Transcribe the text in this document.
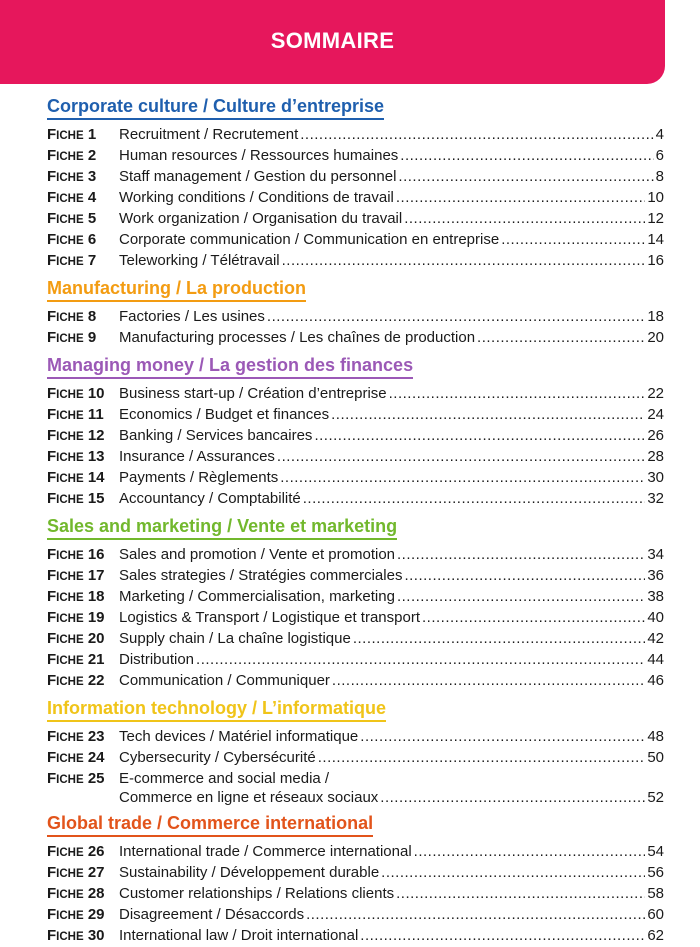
SOMMAIRE
Corporate culture / Culture d’entreprise
FICHE 1	Recruitment / Recrutement .....	4
FICHE 2	Human resources / Ressources humaines .....	6
FICHE 3	Staff management / Gestion du personnel .....	8
FICHE 4	Working conditions / Conditions de travail .....	10
FICHE 5	Work organization / Organisation du travail .....	12
FICHE 6	Corporate communication / Communication en entreprise .....	14
FICHE 7	Teleworking / Télétravail .....	16
Manufacturing / La production
FICHE 8	Factories / Les usines .....	18
FICHE 9	Manufacturing processes / Les chaînes de production .....	20
Managing money / La gestion des finances
FICHE 10 Business start-up / Création d’entreprise .....	22
FICHE 11	Economics / Budget et finances .....	24
FICHE 12 Banking / Services bancaires .....	26
FICHE 13 Insurance / Assurances .....	28
FICHE 14 Payments / Règlements .....	30
FICHE 15 Accountancy / Comptabilité .....	32
Sales and marketing / Vente et marketing
FICHE 16 Sales and promotion / Vente et promotion .....	34
FICHE 17 Sales strategies / Stratégies commerciales .....	36
FICHE 18 Marketing / Commercialisation, marketing .....	38
FICHE 19 Logistics & Transport / Logistique et transport .....	40
FICHE 20 Supply chain / La chaîne logistique .....	42
FICHE 21 Distribution .....	44
FICHE 22 Communication / Communiquer .....	46
Information technology / L’informatique
FICHE 23 Tech devices / Matériel informatique .....	48
FICHE 24 Cybersecurity / Cybersécurité .....	50
FICHE 25 E-commerce and social media /
Commerce en ligne et réseaux sociaux .....	52
Global trade / Commerce international
FICHE 26 International trade / Commerce international .....	54
FICHE 27 Sustainability / Développement durable .....	56
FICHE 28 Customer relationships / Relations clients .....	58
FICHE 29 Disagreement / Désaccords .....	60
FICHE 30 International law / Droit international .....	62
